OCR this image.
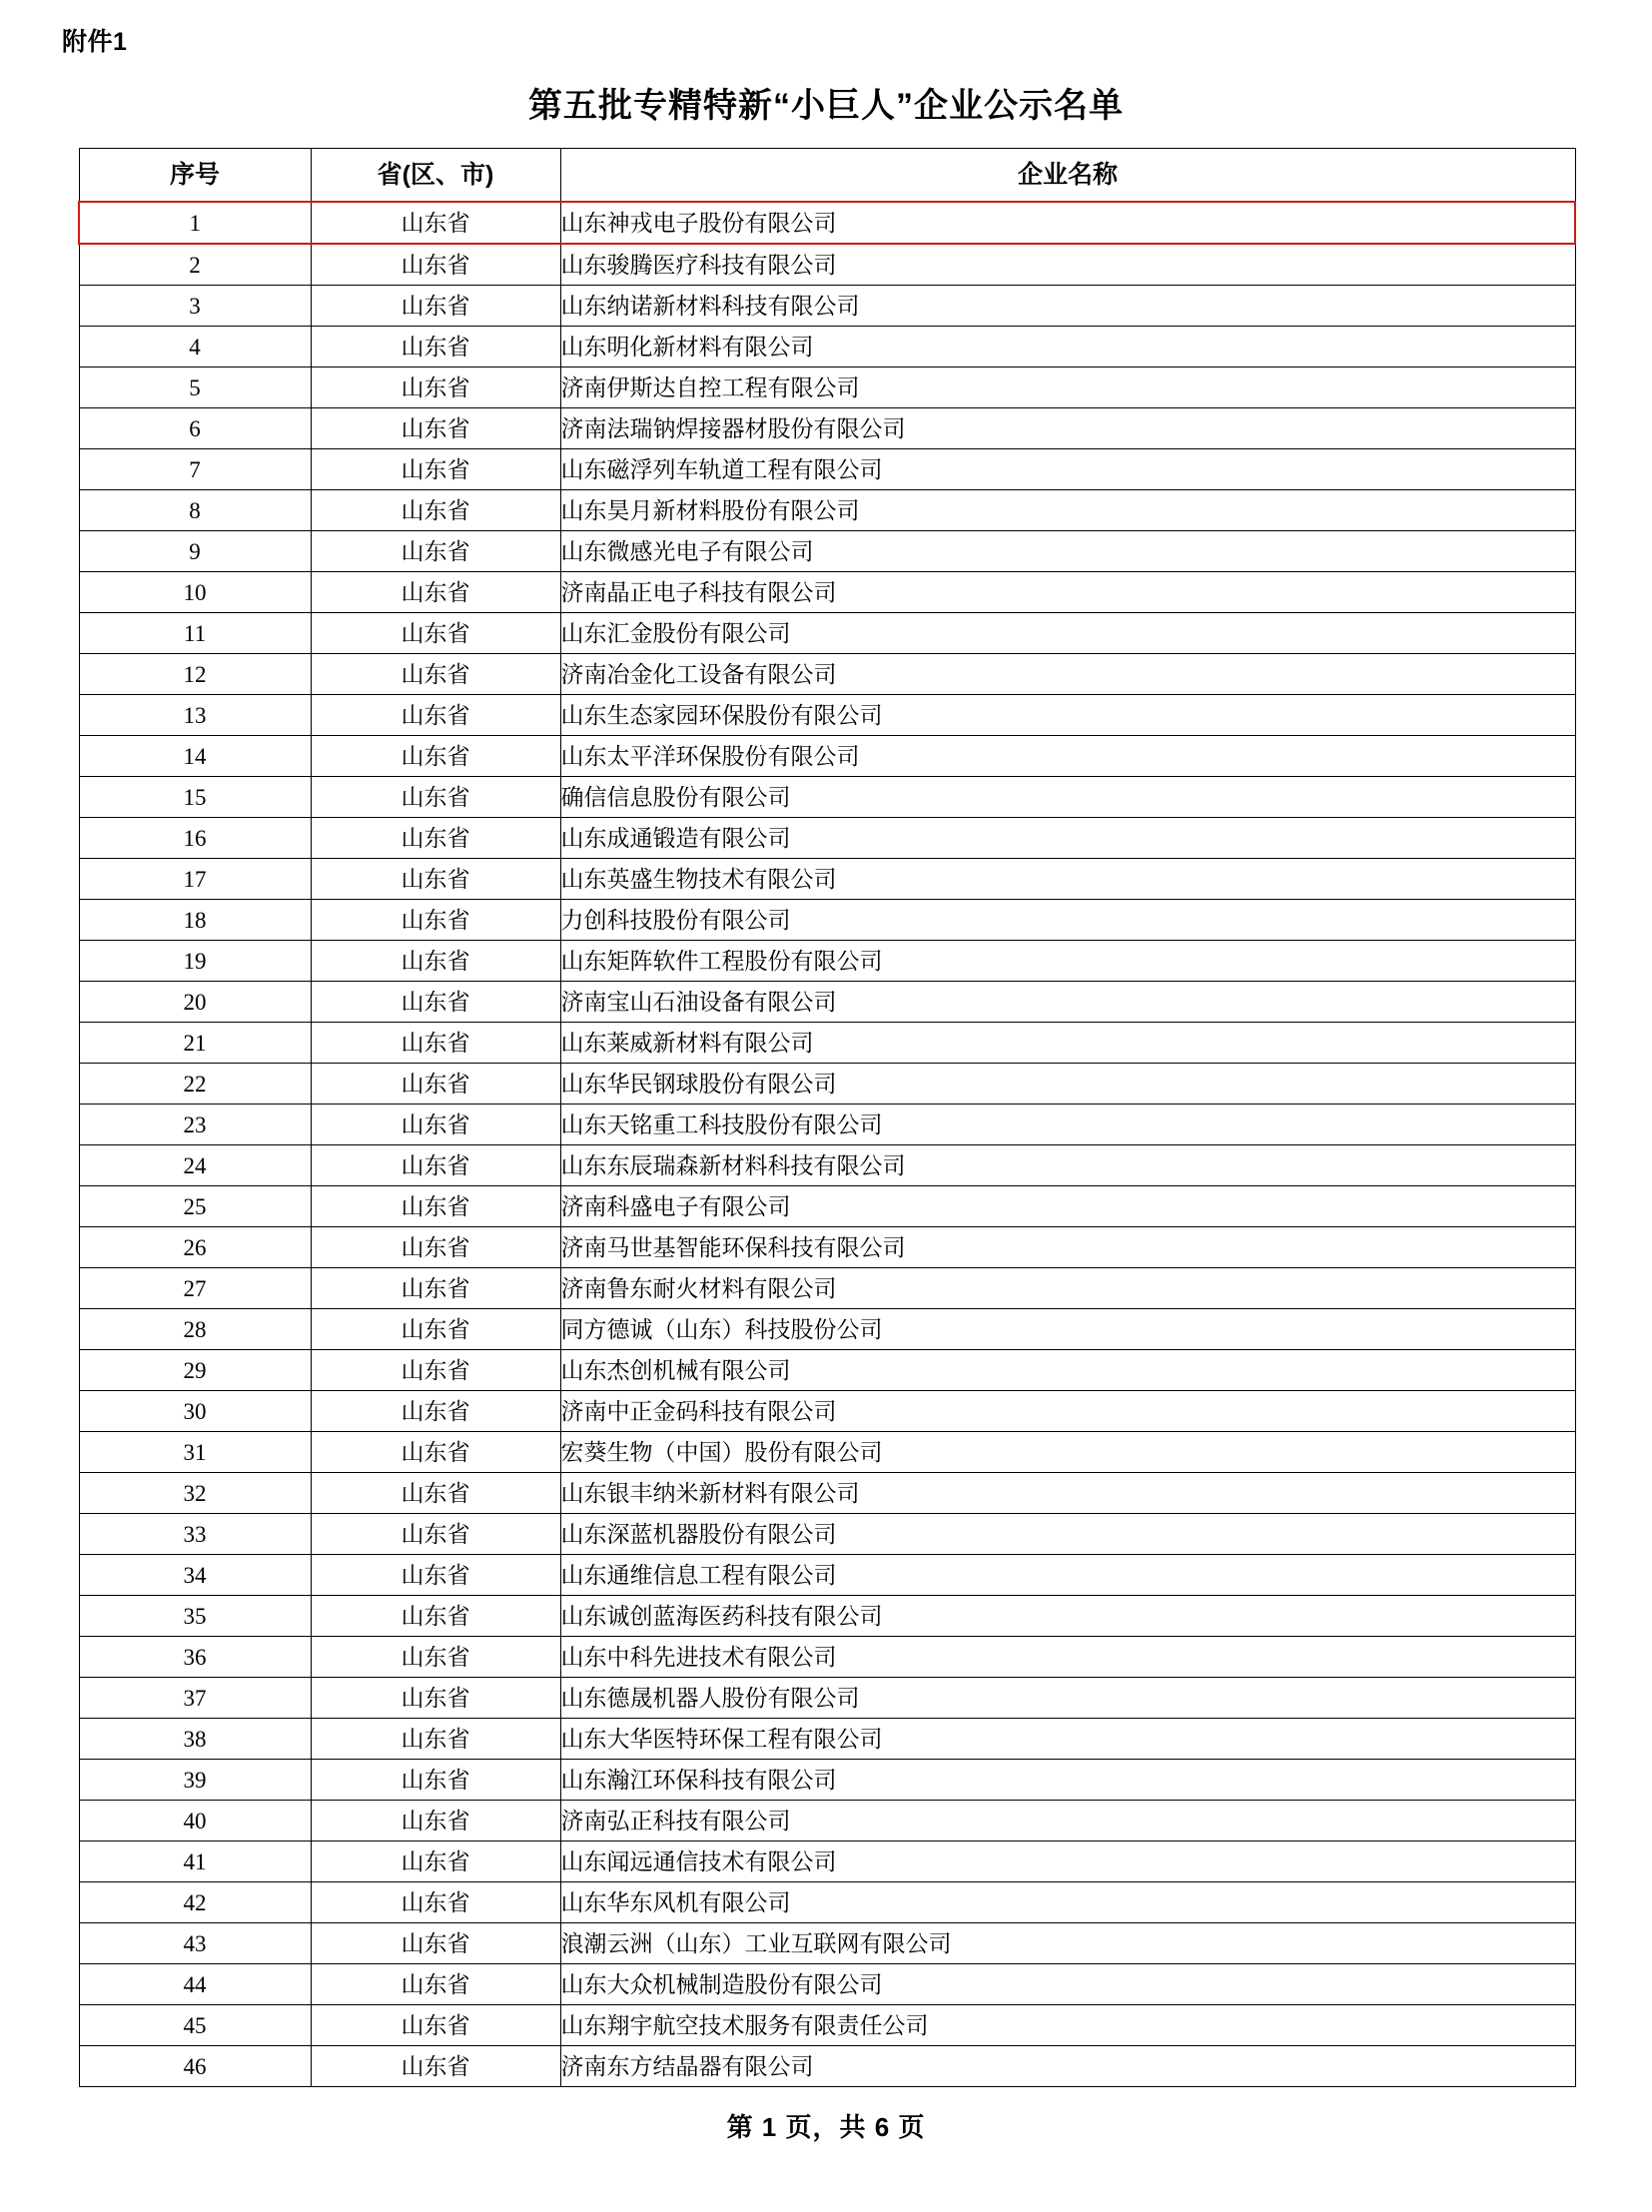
附件1
第五批专精特新“小巨人”企业公示名单
序号	省(区、市)	企业名称
1	山东省	山东神戎电子股份有限公司
2	山东省	山东骏腾医疗科技有限公司
3	山东省	山东纳诺新材料科技有限公司
4	山东省	山东明化新材料有限公司
5	山东省	济南伊斯达自控工程有限公司
6	山东省	济南法瑞钠焊接器材股份有限公司
7	山东省	山东磁浮列车轨道工程有限公司
8	山东省	山东昊月新材料股份有限公司
9	山东省	山东微感光电子有限公司
10	山东省	济南晶正电子科技有限公司
11	山东省	山东汇金股份有限公司
12	山东省	济南冶金化工设备有限公司
13	山东省	山东生态家园环保股份有限公司
14	山东省	山东太平洋环保股份有限公司
15	山东省	确信信息股份有限公司
16	山东省	山东成通锻造有限公司
17	山东省	山东英盛生物技术有限公司
18	山东省	力创科技股份有限公司
19	山东省	山东矩阵软件工程股份有限公司
20	山东省	济南宝山石油设备有限公司
21	山东省	山东莱威新材料有限公司
22	山东省	山东华民钢球股份有限公司
23	山东省	山东天铭重工科技股份有限公司
24	山东省	山东东辰瑞森新材料科技有限公司
25	山东省	济南科盛电子有限公司
26	山东省	济南马世基智能环保科技有限公司
27	山东省	济南鲁东耐火材料有限公司
28	山东省	同方德诚（山东）科技股份公司
29	山东省	山东杰创机械有限公司
30	山东省	济南中正金码科技有限公司
31	山东省	宏葵生物（中国）股份有限公司
32	山东省	山东银丰纳米新材料有限公司
33	山东省	山东深蓝机器股份有限公司
34	山东省	山东通维信息工程有限公司
35	山东省	山东诚创蓝海医药科技有限公司
36	山东省	山东中科先进技术有限公司
37	山东省	山东德晟机器人股份有限公司
38	山东省	山东大华医特环保工程有限公司
39	山东省	山东瀚江环保科技有限公司
40	山东省	济南弘正科技有限公司
41	山东省	山东闻远通信技术有限公司
42	山东省	山东华东风机有限公司
43	山东省	浪潮云洲（山东）工业互联网有限公司
44	山东省	山东大众机械制造股份有限公司
45	山东省	山东翔宇航空技术服务有限责任公司
46	山东省	济南东方结晶器有限公司
第 1 页，共 6 页
